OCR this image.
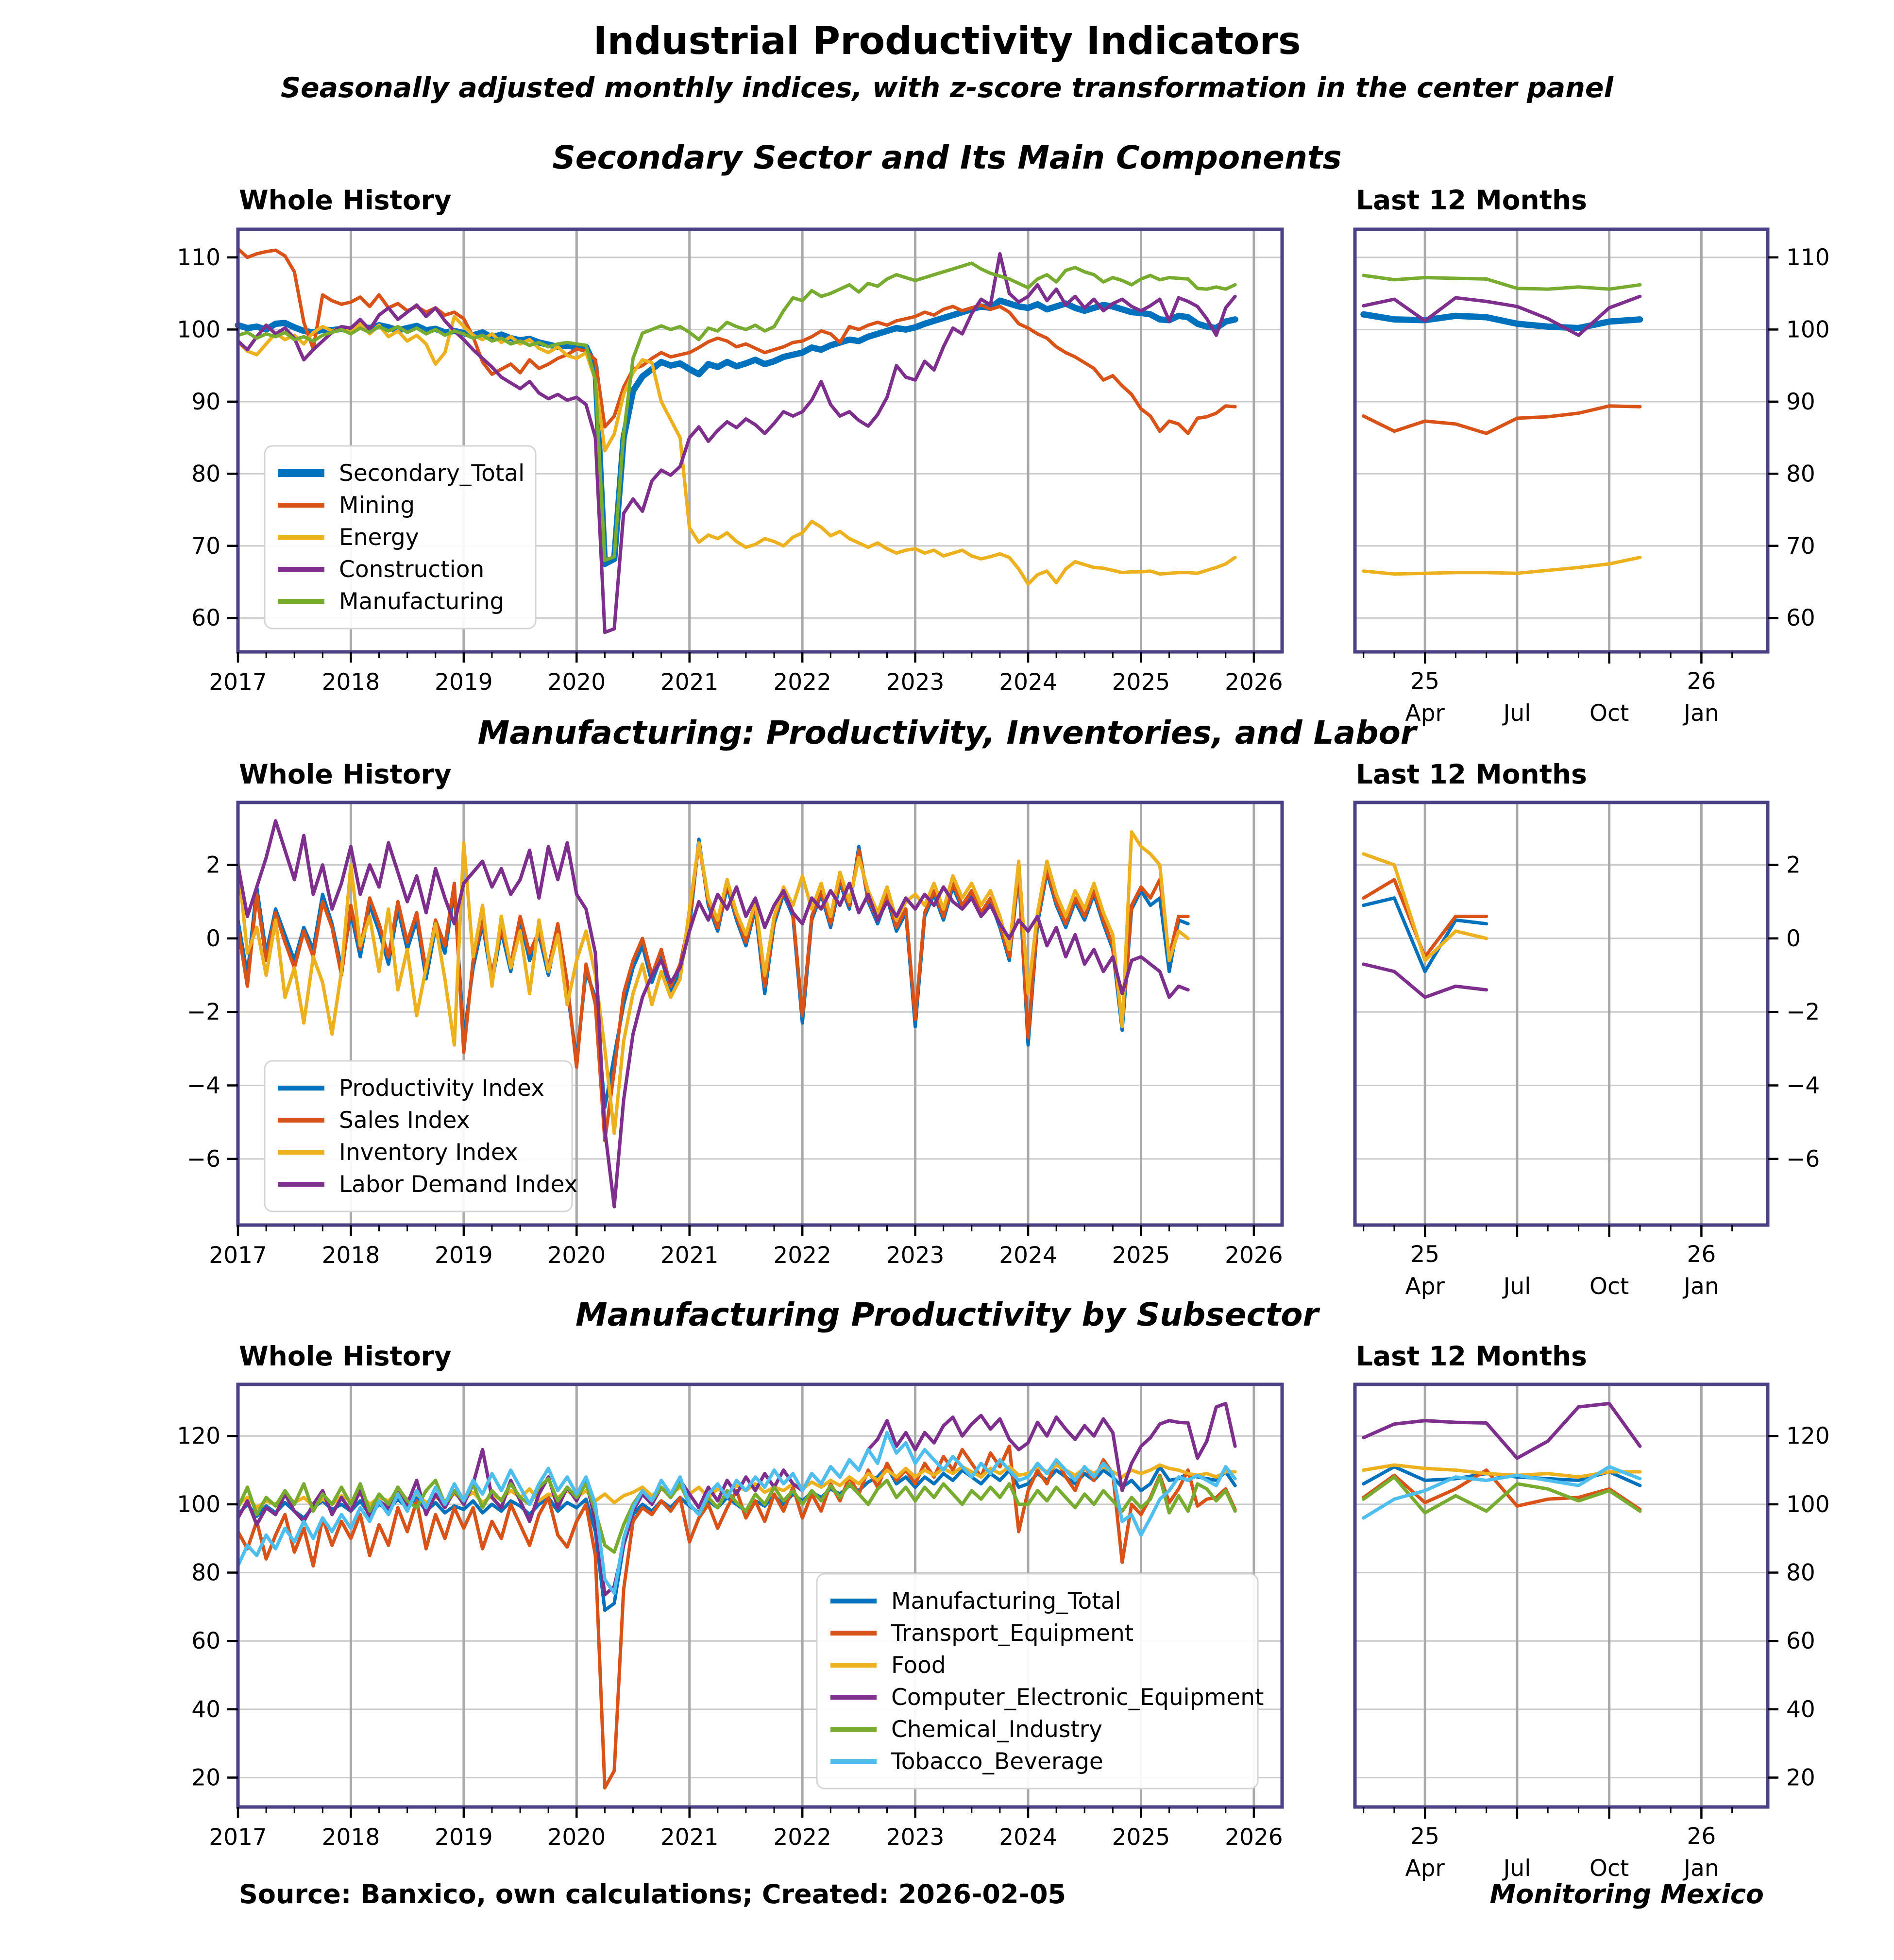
Industrial Productivity Indicators
Seasonally adjusted monthly indices, with z-score transformation in the center panel
Secondary Sector and Its Main Components
Whole History	Last 12 Months
2017 2018 2019 2020 2021 2022 2023 2024 2025 2026
60
70
80
90
100
110
Secondary_Total
Mining
Energy
Construction
Manufacturing
25
Apr	Jul	Oct
26
Jan
60
70
80
90
100
110
Manufacturing: Productivity, Inventories, and Labor
Whole History	Last 12 Months
2017 2018 2019 2020 2021 2022 2023 2024 2025 2026
−6
−4
−2
0
2
Productivity Index
Sales Index
Inventory Index
Labor Demand Index
25
Apr	Jul	Oct
26
Jan
−6
−4
−2
0
2
Manufacturing Productivity by Subsector
Whole History	Last 12 Months
2017 2018 2019 2020 2021 2022 2023 2024 2025 2026
20
40
60
80
100
120
Manufacturing_Total
Transport_Equipment
Food
Computer_Electronic_Equipment
Chemical_Industry
Tobacco_Beverage
25
Apr	Jul	Oct
26
Jan
20
40
60
80
100
120
Source: Banxico, own calculations; Created: 2026-02-05	Monitoring Mexico
